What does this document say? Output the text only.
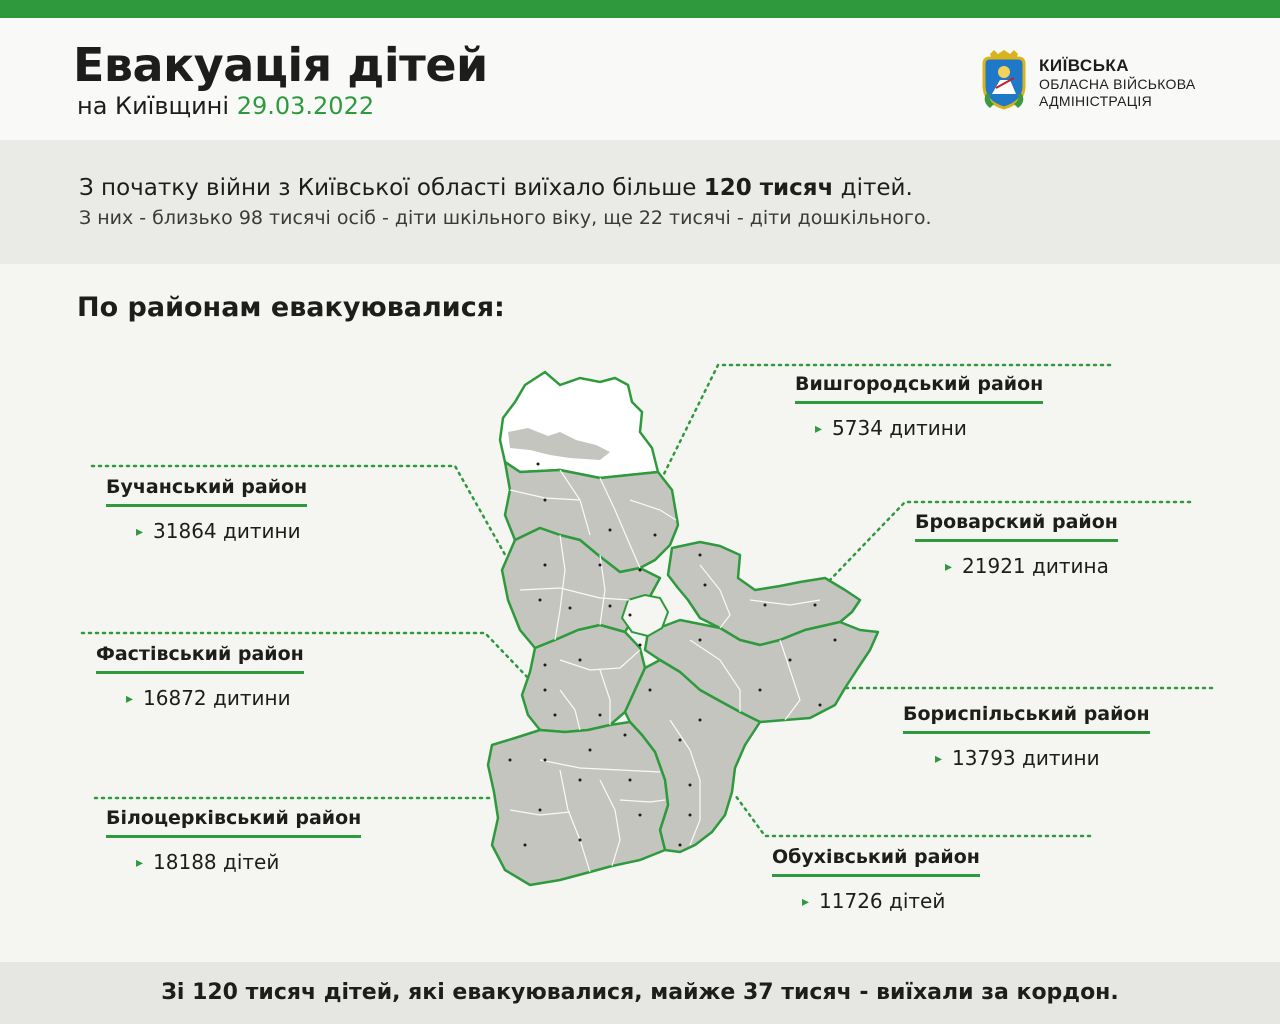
Евакуація дітей
на Київщині 29.03.2022
КИЇВСЬКА
ОБЛАСНА ВІЙСЬКОВА
АДМІНІСТРАЦІЯ
З початку війни з Київської області виїхало більше 120 тисяч дітей.
З них - близько 98 тисячі осіб - діти шкільного віку, ще 22 тисячі - діти дошкільного.
По районам евакуювалися:
Вишгородський район
▸ 5734 дитини
Бучанський район
▸ 31864 дитини	Броварский район
▸ 21921 дитина
Фастівський район
▸ 16872 дитини
Бориспільський район
▸ 13793 дитини
Білоцерківський район
▸ 18188 дітей	Обухівський район
▸ 11726 дітей
Зі 120 тисяч дітей, які евакуювалися, майже 37 тисяч - виїхали за кордон.
